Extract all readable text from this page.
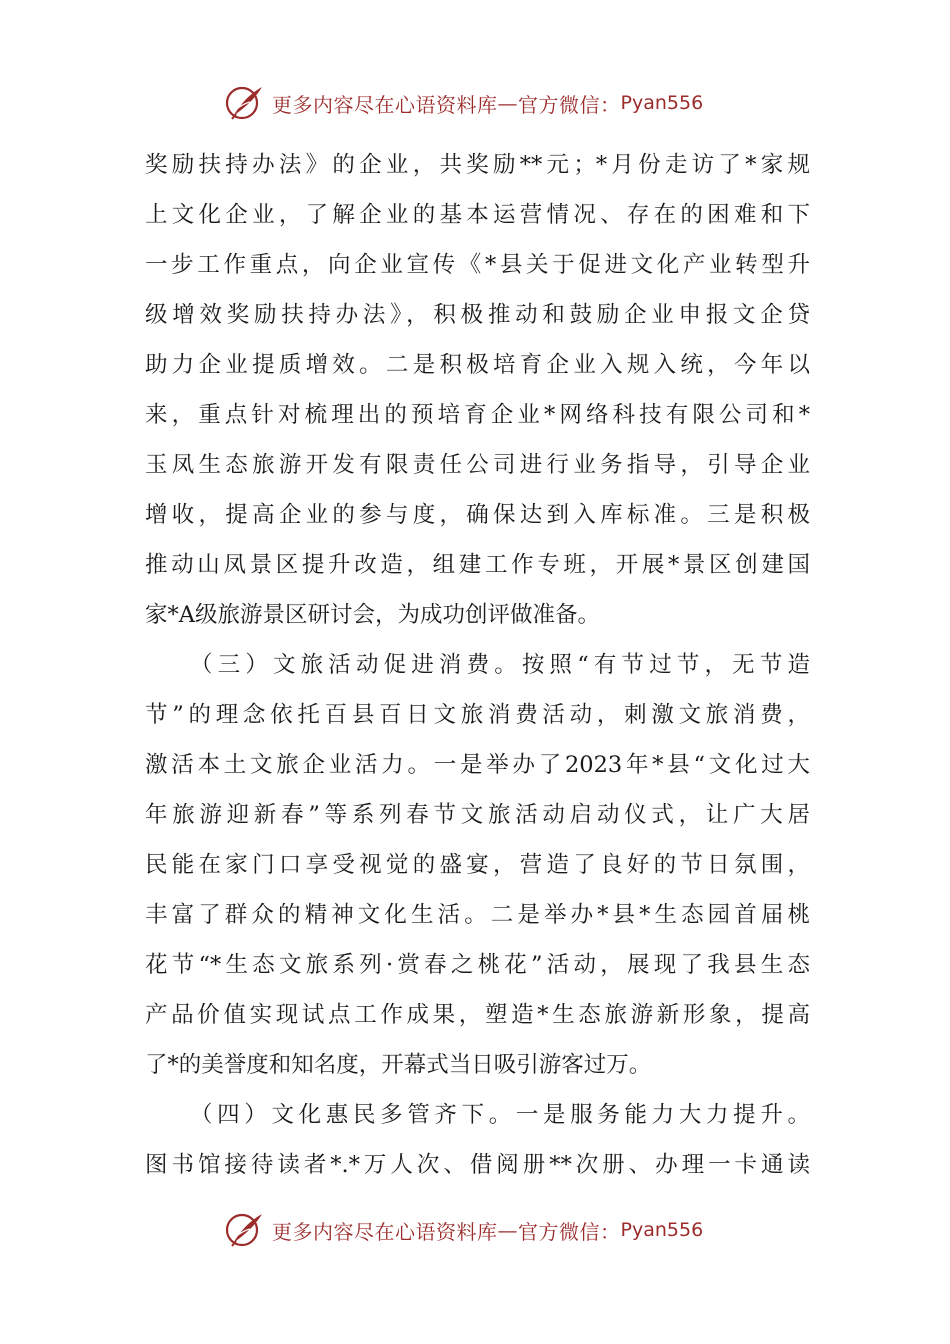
更多内容尽在心语资料库 — 官方微信： Pyan556
奖励扶持办法》的企业，共奖励**元；*月份走访了*家规
上文化企业，了解企业的基本运营情况、存在的困难和下
一步工作重点，向企业宣传《*县关于促进文化产业转型升
级增效奖励扶持办法》，积极推动和鼓励企业申报文企贷
助力企业提质增效。二是积极培育企业入规入统，今年以
来，重点针对梳理出的预培育企业*网络科技有限公司和*
玉凤生态旅游开发有限责任公司进行业务指导，引导企业
增收，提高企业的参与度，确保达到入库标准。三是积极
推动山凤景区提升改造，组建工作专班，开展*景区创建国
家*A级旅游景区研讨会，为成功创评做准备。
（三）文旅活动促进消费。按照“有节过节，无节造
节”的理念依托百县百日文旅消费活动，刺激文旅消费，
激活本土文旅企业活力。一是举办了2023年*县“文化过大
年旅游迎新春”等系列春节文旅活动启动仪式，让广大居
民能在家门口享受视觉的盛宴，营造了良好的节日氛围，
丰富了群众的精神文化生活。二是举办*县*生态园首届桃
花节“*生态文旅系列·赏春之桃花”活动，展现了我县生态
产品价值实现试点工作成果，塑造*生态旅游新形象，提高
了*的美誉度和知名度，开幕式当日吸引游客过万。
（四）文化惠民多管齐下。一是服务能力大力提升。
图书馆接待读者*.*万人次、借阅册**次册、办理一卡通读
更多内容尽在心语资料库 — 官方微信： Pyan556
